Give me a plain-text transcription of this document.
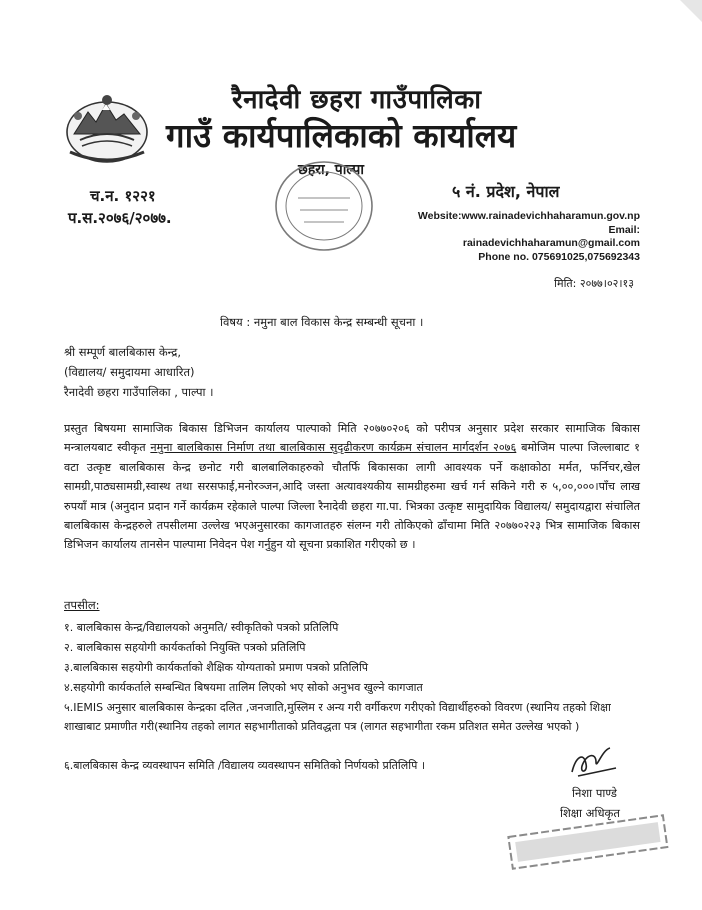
रैनादेवी छहरा गाउँपालिका
गाउँ कार्यपालिकाको कार्यालय
छहरा, पाल्पा
च.न. १२२१
प.स.२०७६/२०७७.
५ नं. प्रदेश, नेपाल
Website:www.rainadevichhaharamun.gov.np
Email:
rainadevichhaharamun@gmail.com
Phone no. 075691025,075692343
मिति: २०७७।०२।१३
विषय : नमुना बाल विकास केन्द्र सम्बन्धी सूचना ।
श्री सम्पूर्ण बालबिकास केन्द्र,
(विद्यालय/ समुदायमा आधारित)
रैनादेवी छहरा गाउँपालिका , पाल्पा ।
प्रस्तुत बिषयमा सामाजिक बिकास डिभिजन कार्यालय पाल्पाको मिति २०७७०२०६ को परीपत्र अनुसार प्रदेश सरकार सामाजिक बिकास मन्त्रालयबाट स्वीकृत नमुना बालबिकास निर्माण तथा बालबिकास सुदृढीकरण कार्यक्रम संचालन मार्गदर्शन २०७६ बमोजिम पाल्पा जिल्लाबाट १ वटा उत्कृष्ट बालबिकास केन्द्र छनोट गरी बालबालिकाहरुको चौतर्फि बिकासका लागी आवश्यक पर्ने कक्षाकोठा मर्मत, फर्निचर,खेल सामग्री,पाठ्यसामग्री,स्वास्थ तथा सरसफाई,मनोरञ्जन,आदि जस्ता अत्यावश्यकीय सामग्रीहरुमा खर्च गर्न सकिने गरी रु ५,००,०००।पाँच लाख रुपयाँ मात्र (अनुदान प्रदान गर्ने कार्यक्रम रहेकाले पाल्पा जिल्ला रैनादेवी छहरा गा.पा. भित्रका उत्कृष्ट सामुदायिक विद्यालय/ समुदायद्वारा संचालित बालबिकास केन्द्रहरुले तपसीलमा उल्लेख भएअनुसारका कागजातहरु संलग्न गरी तोकिएको ढाँचामा मिति २०७७०२२३ भित्र सामाजिक बिकास डिभिजन कार्यालय तानसेन पाल्पामा निवेदन पेश गर्नुहुन यो सूचना प्रकाशित गरीएको छ ।
तपसील:
१. बालबिकास केन्द्र/विद्यालयको अनुमति/ स्वीकृतिको पत्रको प्रतिलिपि
२. बालबिकास सहयोगी कार्यकर्ताको नियुक्ति पत्रको प्रतिलिपि
३.बालबिकास सहयोगी कार्यकर्ताको शैक्षिक योग्यताको प्रमाण पत्रको प्रतिलिपि
४.सहयोगी कार्यकर्ताले सम्बन्धित बिषयमा तालिम लिएको भए सोको अनुभव खुल्ने कागजात
५.IEMIS अनुसार बालबिकास केन्द्रका दलित ,जनजाति,मुस्लिम र अन्य गरी वर्गीकरण गरीएको विद्यार्थीहरुको विवरण (स्थानिय तहको शिक्षा शाखाबाट प्रमाणीत गरी(स्थानिय तहको लागत सहभागीताको प्रतिवद्धता पत्र (लागत सहभागीता रकम प्रतिशत समेत उल्लेख भएको )
६.बालबिकास केन्द्र व्यवस्थापन समिति /विद्यालय व्यवस्थापन समितिको निर्णयको प्रतिलिपि ।
निशा पाण्डे
शिक्षा अधिकृत
